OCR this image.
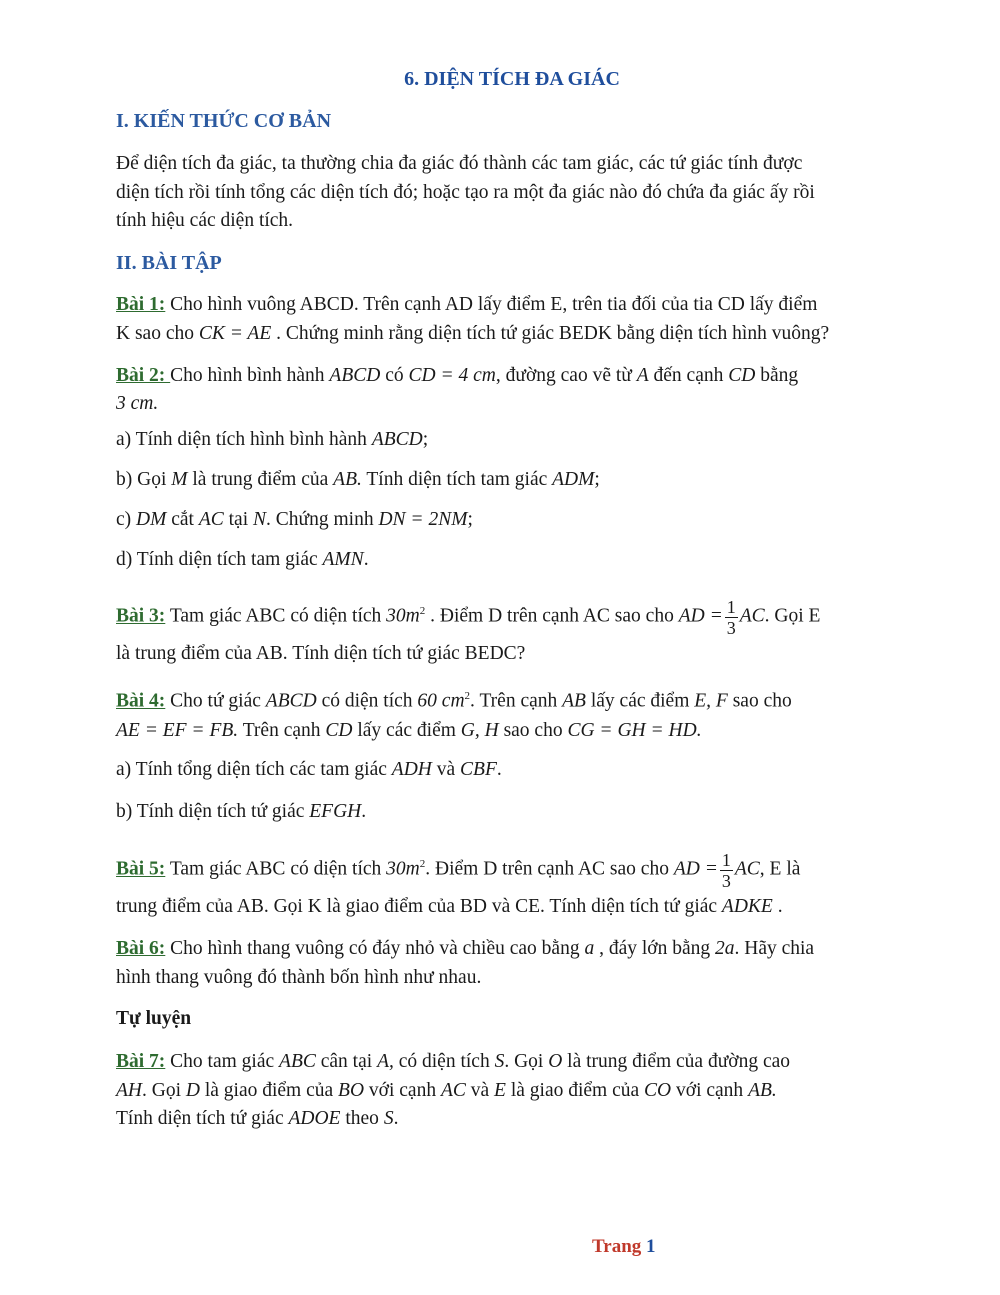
6. DIỆN TÍCH ĐA GIÁC
I. KIẾN THỨC CƠ BẢN
Để diện tích đa giác, ta thường chia đa giác đó thành các tam giác, các tứ giác tính được
diện tích rồi tính tổng các diện tích đó; hoặc tạo ra một đa giác nào đó chứa đa giác ấy rồi
tính hiệu các diện tích.
II. BÀI TẬP
Bài 1: Cho hình vuông ABCD. Trên cạnh AD lấy điểm E, trên tia đối của tia CD lấy điểm
K sao cho CK = AE . Chứng minh rằng diện tích tứ giác BEDK bằng diện tích hình vuông?
Bài 2: Cho hình bình hành ABCD có CD = 4 cm, đường cao vẽ từ A đến cạnh CD bằng
3 cm.
a) Tính diện tích hình bình hành ABCD;
b) Gọi M là trung điểm của AB. Tính diện tích tam giác ADM;
c) DM cắt AC tại N. Chứng minh DN = 2NM;
d) Tính diện tích tam giác AMN.
Bài 3: Tam giác ABC có diện tích $30m^2$ . Điểm D trên cạnh AC sao cho AD = $\frac{1}{3}$ AC. Gọi E
là trung điểm của AB. Tính diện tích tứ giác BEDC?
Bài 4: Cho tứ giác ABCD có diện tích 60 $cm^2$. Trên cạnh AB lấy các điểm E, F sao cho
AE = EF = FB. Trên cạnh CD lấy các điểm G, H sao cho CG = GH = HD.
a) Tính tổng diện tích các tam giác ADH và CBF.
b) Tính diện tích tứ giác EFGH.
Bài 5: Tam giác ABC có diện tích $30m^2$. Điểm D trên cạnh AC sao cho AD = $\frac{1}{3}$ AC, E là
trung điểm của AB. Gọi K là giao điểm của BD và CE. Tính diện tích tứ giác ADKE .
Bài 6: Cho hình thang vuông có đáy nhỏ và chiều cao bằng a , đáy lớn bằng 2a. Hãy chia
hình thang vuông đó thành bốn hình như nhau.
Tự luyện
Bài 7: Cho tam giác ABC cân tại A, có diện tích S. Gọi O là trung điểm của đường cao
AH. Gọi D là giao điểm của BO với cạnh AC và E là giao điểm của CO với cạnh AB.
Tính diện tích tứ giác ADOE theo S.
Trang 1
